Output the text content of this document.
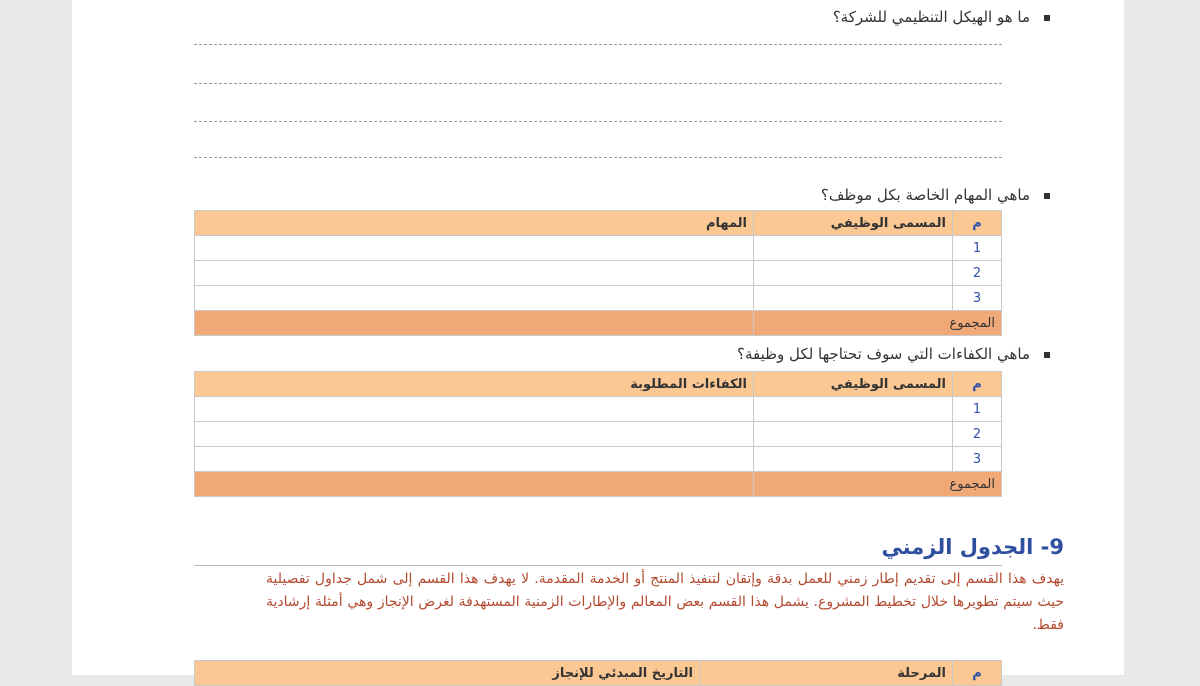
ما هو الهيكل التنظيمي للشركة؟
ماهي المهام الخاصة بكل موظف؟
م	المسمى الوظيفي	المهام
1		
2		
3		
المجموع		
ماهي الكفاءات التي سوف تحتاجها لكل وظيفة؟
م	المسمى الوظيفي	الكفاءات المطلوبة
1		
2		
3		
المجموع		
9- الجدول الزمني
يهدف هذا القسم إلى تقديم إطار زمني للعمل بدقة وإتقان لتنفيذ المنتج أو الخدمة المقدمة. لا يهدف هذا القسم إلى شمل جداول تفصيلية حيث سيتم تطويرها خلال تخطيط المشروع. يشمل هذا القسم بعض المعالم والإطارات الزمنية المستهدفة لغرض الإنجاز وهي أمثلة إرشادية فقط.
م	المرحلة	التاريخ المبدئي للإنجاز
